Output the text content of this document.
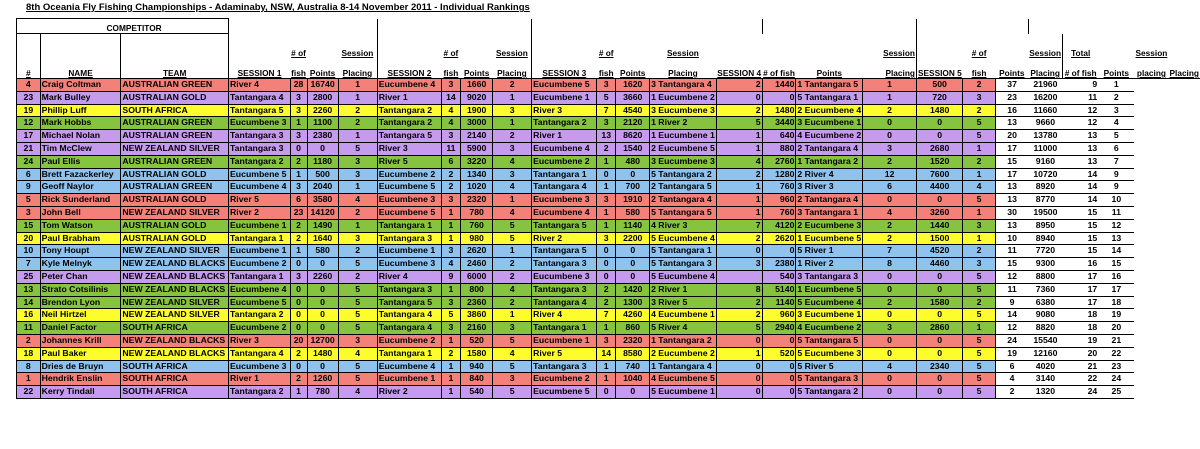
8th Oceania Fly Fishing Championships - Adaminaby, NSW, Australia 8-14 November 2011 - Individual Rankings
	COMPETITOR																									
				# of		Session		# of		Session		# of		Session				Session		# of		Session	Total		Session	
#	NAME	TEAM	SESSION 1	fish	Points	Placing	SESSION 2	fish	Points	Placing	SESSION 3	fish	Points	Placing	SESSION 4	# of fish	Points	Placing	SESSION 5	fish	Points	Placing	# of fish	Points	placing	Placing
4	Craig Coltman	AUSTRALIAN GREEN	River 4	28	16740	1	Eucumbene 4	3	1660	2	Eucumbene 5	3	1620	3 Tantangara 4	2	1440	1 Tantangara 5	1	500	2	37	21960	9	1		
23	Mark Bulley	AUSTRALIAN GOLD	Tantangara 4	3	2800	1	River 1	14	9020	1	Eucumbene 1	5	3660	1 Eucumbene 2	0	0	5 Tantangara 1	1	720	3	23	16200	11	2		
19	Phillip Luff	SOUTH AFRICA	Tantangara 5	3	2260	2	Tantangara 2	4	1900	3	River 3	7	4540	3 Eucumbene 3	2	1480	2 Eucumbene 4	2	1480	2	16	11660	12	3		
12	Mark Hobbs	AUSTRALIAN GREEN	Eucumbene 3	1	1100	2	Tantangara 2	4	3000	1	Tantangara 2	3	2120	1 River 2	5	3440	3 Eucumbene 1	0	0	5	13	9660	12	4		
17	Michael Nolan	AUSTRALIAN GREEN	Tantangara 3	3	2380	1	Tantangara 5	3	2140	2	River 1	13	8620	1 Eucumbene 1	1	640	4 Eucumbene 2	0	0	5	20	13780	13	5		
21	Tim McClew	NEW ZEALAND SILVER	Tantangara 3	0	0	5	River 3	11	5900	3	Eucumbene 4	2	1540	2 Eucumbene 5	1	880	2 Tantangara 4	3	2680	1	17	11000	13	6		
24	Paul Ellis	AUSTRALIAN GREEN	Tantangara 2	2	1180	3	River 5	6	3220	4	Eucumbene 2	1	480	3 Eucumbene 3	4	2760	1 Tantangara 2	2	1520	2	15	9160	13	7		
6	Brett Fazackerley	AUSTRALIAN GOLD	Eucumbene 5	1	500	3	Eucumbene 2	2	1340	3	Tantangara 1	0	0	5 Tantangara 2	2	1280	2 River 4	12	7600	1	17	10720	14	9		
9	Geoff Naylor	AUSTRALIAN GREEN	Eucumbene 4	3	2040	1	Eucumbene 5	2	1020	4	Tantangara 4	1	700	2 Tantangara 5	1	760	3 River 3	6	4400	4	13	8920	14	9		
5	Rick Sunderland	AUSTRALIAN GOLD	River 5	6	3580	4	Eucumbene 3	3	2320	1	Eucumbene 3	3	1910	2 Tantangara 4	1	960	2 Tantangara 4	0	0	5	13	8770	14	10		
3	John Bell	NEW ZEALAND SILVER	River 2	23	14120	2	Eucumbene 5	1	780	4	Eucumbene 4	1	580	5 Tantangara 5	1	760	3 Tantangara 1	4	3260	1	30	19500	15	11		
15	Tom Watson	AUSTRALIAN GOLD	Eucumbene 1	2	1490	1	Tantangara 1	1	760	5	Tantangara 5	1	1140	4 River 3	7	4120	2 Eucumbene 3	2	1440	3	13	8950	15	12		
20	Paul Brabham	AUSTRALIAN GOLD	Tantangara 1	2	1640	3	Tantangara 3	1	980	5	River 2	3	2200	5 Eucumbene 4	2	2620	1 Eucumbene 5	2	1500	1	10	8940	15	13		
10	Tony Houpt	NEW ZEALAND SILVER	Eucumbene 1	1	580	2	Eucumbene 1	3	2620	1	Tantangara 5	0	0	5 Tantangara 1	0	0	5 River 1	7	4520	2	11	7720	15	14		
7	Kyle Melnyk	NEW ZEALAND BLACKS	Eucumbene 2	0	0	5	Eucumbene 3	4	2460	2	Tantangara 3	0	0	5 Tantangara 3	3	2380	1 River 2	8	4460	3	15	9300	16	15		
25	Peter Chan	NEW ZEALAND BLACKS	Tantangara 1	3	2260	2	River 4	9	6000	2	Eucumbene 3	0	0	5 Eucumbene 4		540	3 Tantangara 3	0	0	5	12	8800	17	16		
13	Strato Cotsilinis	NEW ZEALAND BLACKS	Eucumbene 4	0	0	5	Tantangara 3	1	800	4	Tantangara 3	2	1420	2 River 1	8	5140	1 Eucumbene 5	0	0	5	11	7360	17	17		
14	Brendon Lyon	NEW ZEALAND SILVER	Eucumbene 5	0	0	5	Tantangara 5	3	2360	2	Tantangara 4	2	1300	3 River 5	2	1140	5 Eucumbene 4	2	1580	2	9	6380	17	18		
16	Neil Hirtzel	NEW ZEALAND SILVER	Tantangara 2	0	0	5	Tantangara 4	5	3860	1	River 4	7	4260	4 Eucumbene 1	2	960	3 Eucumbene 1	0	0	5	14	9080	18	19		
11	Daniel Factor	SOUTH AFRICA	Eucumbene 2	0	0	5	Tantangara 4	3	2160	3	Tantangara 1	1	860	5 River 4	5	2940	4 Eucumbene 2	3	2860	1	12	8820	18	20		
2	Johannes Krill	NEW ZEALAND BLACKS	River 3	20	12700	3	Eucumbene 2	1	520	5	Eucumbene 1	3	2320	1 Tantangara 2	0	0	5 Tantangara 5	0	0	5	24	15540	19	21		
18	Paul Baker	NEW ZEALAND BLACKS	Tantangara 4	2	1480	4	Tantangara 1	2	1580	4	River 5	14	8580	2 Eucumbene 2	1	520	5 Eucumbene 3	0	0	5	19	12160	20	22		
8	Dries de Bruyn	SOUTH AFRICA	Eucumbene 3	0	0	5	Eucumbene 4	1	940	5	Tantangara 3	1	740	1 Tantangara 4	0	0	5 River 5	4	2340	5	6	4020	21	23		
1	Hendrik Enslin	SOUTH AFRICA	River 1	2	1260	5	Eucumbene 1	1	840	3	Eucumbene 2	1	1040	4 Eucumbene 5	0	0	5 Tantangara 3	0	0	5	4	3140	22	24		
22	Kerry Tindall	SOUTH AFRICA	Tantangara 2	1	780	4	River 2	1	540	5	Eucumbene 5	0	0	5 Eucumbene 1	0	0	5 Tantangara 2	0	0	5	2	1320	24	25		
